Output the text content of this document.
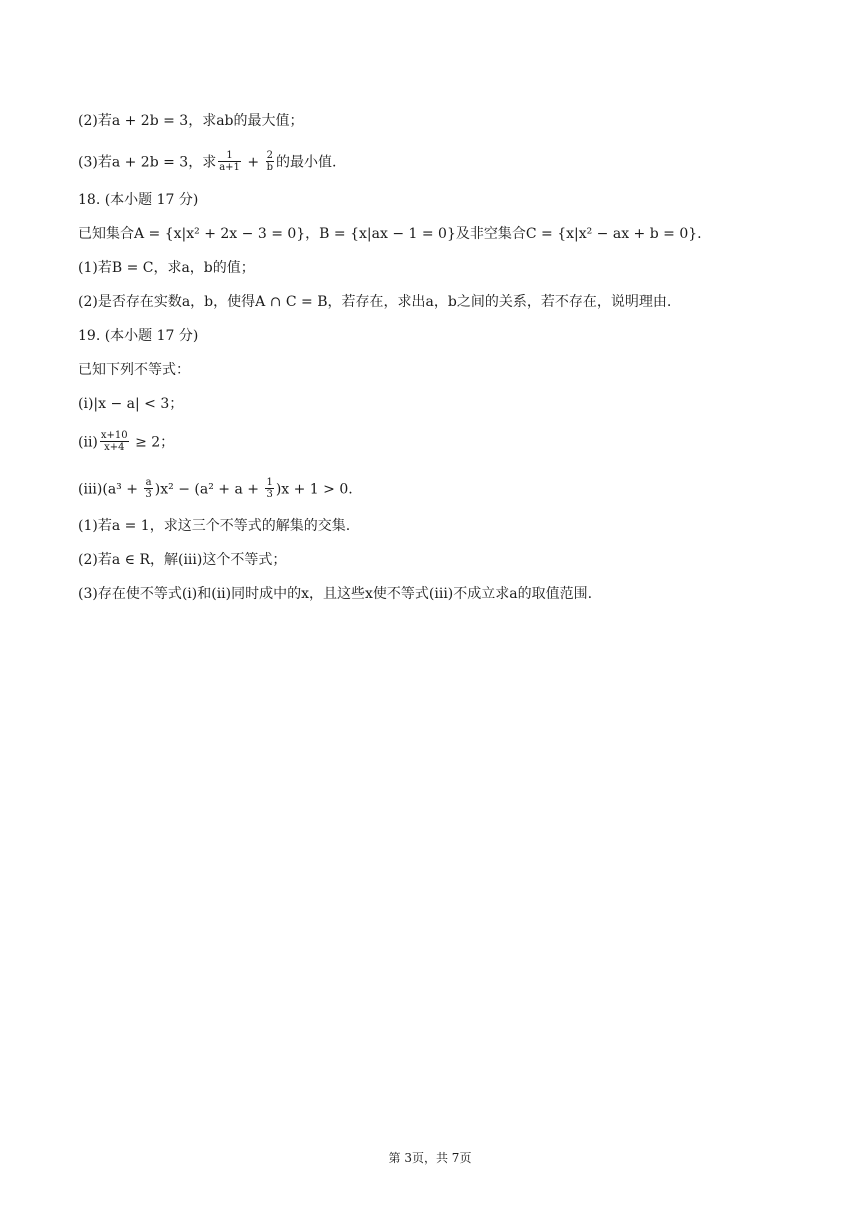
(2)若a + 2b = 3，求ab的最大值；
(3)若a + 2b = 3，求 $\frac{1}{a+1} + \frac{2}{b}$ 的最小值.
18. (本小题 17 分)
已知集合A = {x|x² + 2x − 3 = 0}，B = {x|ax − 1 = 0}及非空集合C = {x|x² − ax + b = 0}.
(1)若B = C，求a，b的值；
(2)是否存在实数a，b，使得A ∩ C = B，若存在，求出a，b之间的关系，若不存在，说明理由.
19. (本小题 17 分)
已知下列不等式：
(i)|x − a| < 3；
$(ii) \frac{x+10}{x+4} \ge 2$；
$(iii)(a^3 + \frac{a}{3} )x^2 - (a^2 + a + \frac{1}{3} )x + 1 > 0$.
(1)若a = 1，求这三个不等式的解集的交集.
(2)若a ∈ R，解(iii)这个不等式；
(3)存在使不等式(i)和(ii)同时成中的x，且这些x使不等式(iii)不成立求a的取值范围.
第 3页，共 7页
